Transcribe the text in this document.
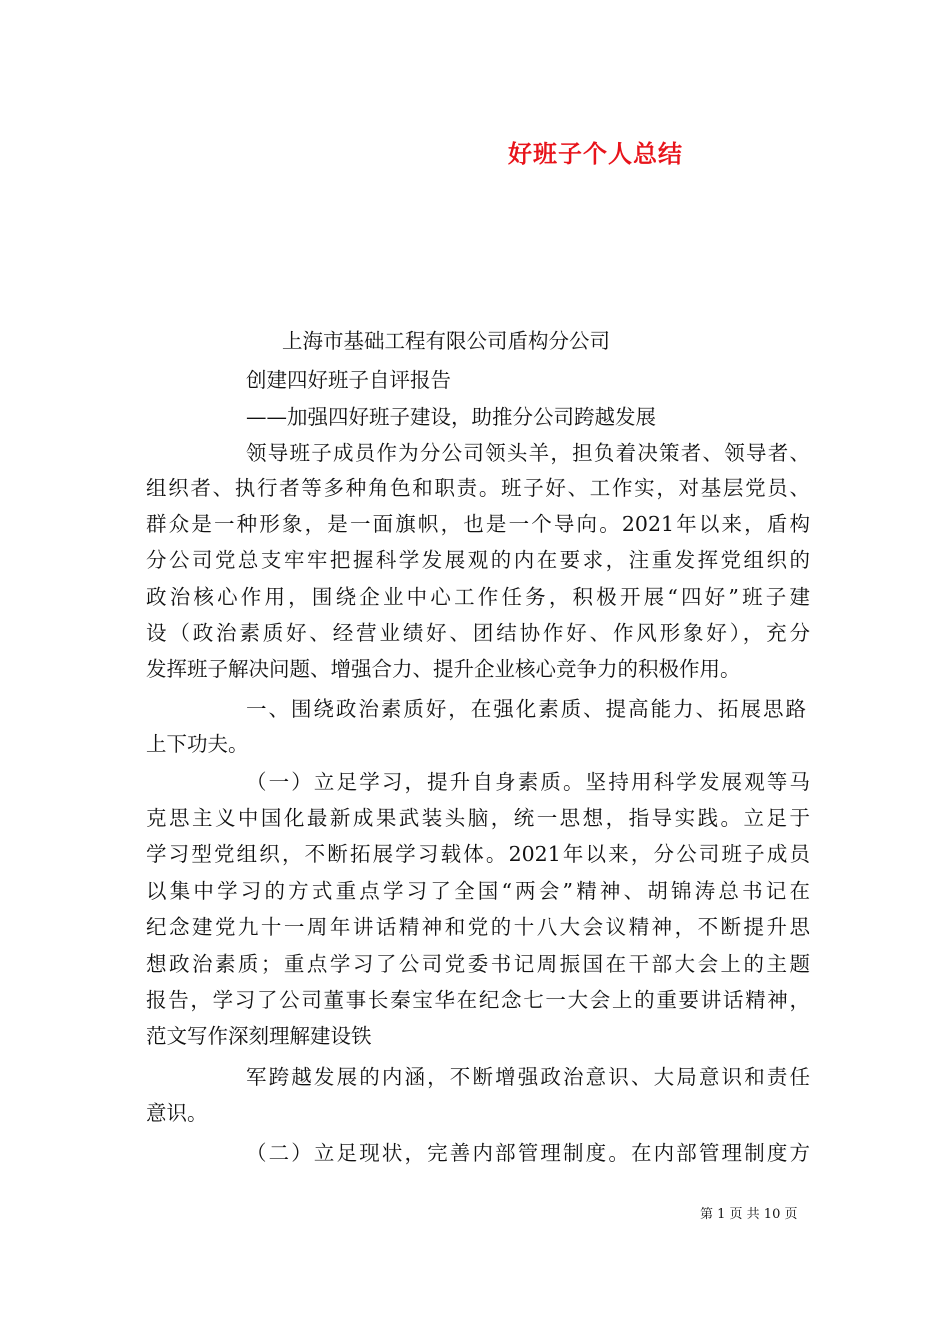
好班子个人总结
上海市基础工程有限公司盾构分公司
创建四好班子自评报告
——加强四好班子建设，助推分公司跨越发展
领导班子成员作为分公司领头羊，担负着决策者、领导者、
组织者、执行者等多种角色和职责。班子好、工作实，对基层党员、
群众是一种形象，是一面旗帜，也是一个导向。2021年以来，盾构
分公司党总支牢牢把握科学发展观的内在要求，注重发挥党组织的
政治核心作用，围绕企业中心工作任务，积极开展“四好”班子建
设（政治素质好、经营业绩好、团结协作好、作风形象好），充分
发挥班子解决问题、增强合力、提升企业核心竞争力的积极作用。
一、围绕政治素质好，在强化素质、提高能力、拓展思路
上下功夫。
（一）立足学习，提升自身素质。坚持用科学发展观等马
克思主义中国化最新成果武装头脑，统一思想，指导实践。立足于
学习型党组织，不断拓展学习载体。2021年以来，分公司班子成员
以集中学习的方式重点学习了全国“两会”精神、胡锦涛总书记在
纪念建党九十一周年讲话精神和党的十八大会议精神，不断提升思
想政治素质；重点学习了公司党委书记周振国在干部大会上的主题
报告，学习了公司董事长秦宝华在纪念七一大会上的重要讲话精神，
范文写作深刻理解建设铁
军跨越发展的内涵，不断增强政治意识、大局意识和责任
意识。
（二）立足现状，完善内部管理制度。在内部管理制度方
第 1 页 共 10 页
